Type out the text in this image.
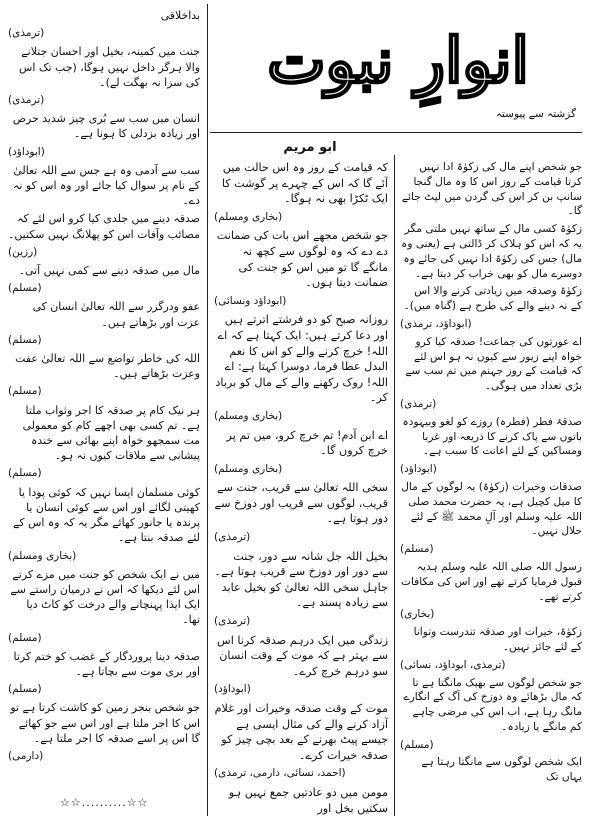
انوارِ نبوت
گزشتہ سے پیوستہ
ابو مریم

بداخلاقی

(ترمذی)

جنت میں کمینہ، بخیل اور احسان جتلانے والا ہرگز داخل نہیں ہوگا، (جب تک اس کی سزا نہ بھگت لے)۔

(ترمذی)

انسان میں سب سے بُری چیز شدید حرص اور زیادہ بزدلی کا ہونا ہے۔

(ابوداؤد)

سب سے آدمی وہ ہے جس سے اللہ تعالیٰ کے نام پر سوال کیا جائے اور وہ اس کو نہ دے۔

صدقہ دینے میں جلدی کیا کرو اس لئے کہ مصائب وآفات اس کو پھلانگ نہیں سکتیں۔

(رزین)

مال میں صدقہ دینے سے کمی نہیں آتی۔

(مسلم)

عفو ودرگزر سے اللہ تعالیٰ انسان کی عزت اور بڑھاتے ہیں۔

(مسلم)

اللہ کی خاطر تواضع سے اللہ تعالیٰ عفت وعزت بڑھاتے ہیں۔

(مسلم)

ہر نیک کام پر صدقہ کا اجر وثواب ملتا ہے۔ تم کسی بھی اچھے کام کو معمولی مت سمجھو خواہ اپنے بھائی سے خندہ پیشانی سے ملاقات کیوں نہ ہو۔

(مسلم)

کوئی مسلمان ایسا نہیں کہ کوئی پودا یا کھیتی لگائے اور اس سے کوئی انسان یا پرندہ یا جانور کھائے مگر یہ کہ وہ اس کے لئے صدقہ بنتا ہے۔

(بخاری ومسلم)

میں نے ایک شخص کو جنت میں مزے کرتے اس لئے دیکھا کہ اس نے درمیان راستے سے ایک ایذا پہنچانے والے درخت کو کاٹ دیا تھا۔

(مسلم)

صدقہ دینا پروردگار کے غضب کو ختم کرتا اور بری موت سے بچاتا ہے۔

(مسلم)

جو شخص بنجر زمین کو کاشت کرتا ہے تو اس کا اجر ملتا ہے اور اس سے جو کھائے گا اس پر اسے صدقہ کا اجر ملتا ہے۔

(دارمی)
☆☆..........☆☆

کہ قیامت کے روز وہ اس حالت میں آئے گا کہ اس کے چہرے پر گوشت کا ایک ٹکڑا بھی نہ ہوگا۔

(بخاری ومسلم)

جو شخص مجھے اس بات کی ضمانت دے دے کہ وہ لوگوں سے کچھ نہ مانگے گا تو میں اس کو جنت کی ضمانت دیتا ہوں۔

(ابوداؤد ونسائی)

روزانہ صبح کو دو فرشتے اترتے ہیں اور دعا کرتے ہیں: ایک کہتا ہے کہ اے اللہ! خرچ کرنے والے کو اس کا نعم البدل عطا فرما، دوسرا کہتا ہے: اے اللہ! روک رکھنے والے کے مال کو برباد کر۔

(بخاری ومسلم)

اے ابن آدم! تم خرچ کرو، میں تم پر خرچ کروں گا۔

(بخاری ومسلم)

سخی اللہ تعالیٰ سے قریب، جنت سے قریب، لوگوں سے قریب اور دوزخ سے دور ہوتا ہے۔

(ترمذی)

بخیل اللہ جل شانہ سے دور، جنت سے دور اور دوزخ سے قریب ہوتا ہے۔ جاہل سخی اللہ تعالیٰ کو بخیل عابد سے زیادہ پسند ہے۔

(ترمذی)

زندگی میں ایک درہم صدقہ کرنا اس سے بہتر ہے کہ موت کے وقت انسان سو درہم خرچ کرے۔

(ابوداؤد)

موت کے وقت صدقہ وخیرات اور غلام آزاد کرنے والے کی مثال ایسی ہے جیسے پیٹ بھرنے کے بعد بچی چیز کو صدقہ خیرات کرے۔

(احمد، نسائی، دارمی، ترمذی)

مومن میں دو عادتیں جمع نہیں ہو سکتیں بخل اور

جو شخص اپنے مال کی زکوٰۃ ادا نہیں کرتا قیامت کے روز اس کا وہ مال گنجا سانپ بن کر اس کی گردن میں لپٹ جائے گا۔

زکوٰۃ کسی مال کے ساتھ نہیں ملتی مگر یہ کہ اس کو ہلاک کر ڈالتی ہے (یعنی وہ مال) جس کی زکوٰۃ ادا نہیں کی جائے وہ دوسرے مال کو بھی خراب کر دیتا ہے۔

زکوٰۃ وصدقہ میں زیادتی کرنے والا اس کے نہ دینے والے کی طرح ہے (گناہ میں)۔

(ابوداؤد، ترمذی)

اے عورتوں کی جماعت! صدقہ کیا کرو خواہ اپنے زیور سے کیوں نہ ہو اس لئے کہ قیامت کے روز جہنم میں تم سب سے بڑی تعداد میں ہوگی۔

(ترمذی)

صدقۂ فطر (فطرہ) روزے کو لغو وبیہودہ باتوں سے پاک کرنے کا ذریعہ اور غربا ومساکین کے لئے اعانت کا سبب ہے۔

(ابوداؤد)

صدقات وخیرات (زکوٰۃ) یہ لوگوں کے مال کا میل کچیل ہے، یہ حضرت محمد صلی اللہ علیہ وسلم اور آلِ محمد ﷺ کے لئے حلال نہیں۔

(مسلم)

رسول اللہ صلی اللہ علیہ وسلم ہدیہ قبول فرمایا کرتے تھے اور اس کی مکافات کرتے تھے۔

(بخاری)

زکوٰۃ، خیرات اور صدقہ تندرست وتوانا کے لئے جائز نہیں۔

(ترمذی، ابوداؤد، نسائی)

جو شخص لوگوں سے بھیک مانگتا ہے تا کہ مال بڑھائے وہ دوزخ کی آگ کے انگارے مانگ رہا ہے، اب اس کی مرضی چاہے کم مانگے یا زیادہ۔

(مسلم)

ایک شخص لوگوں سے مانگتا رہتا ہے یہاں تک
